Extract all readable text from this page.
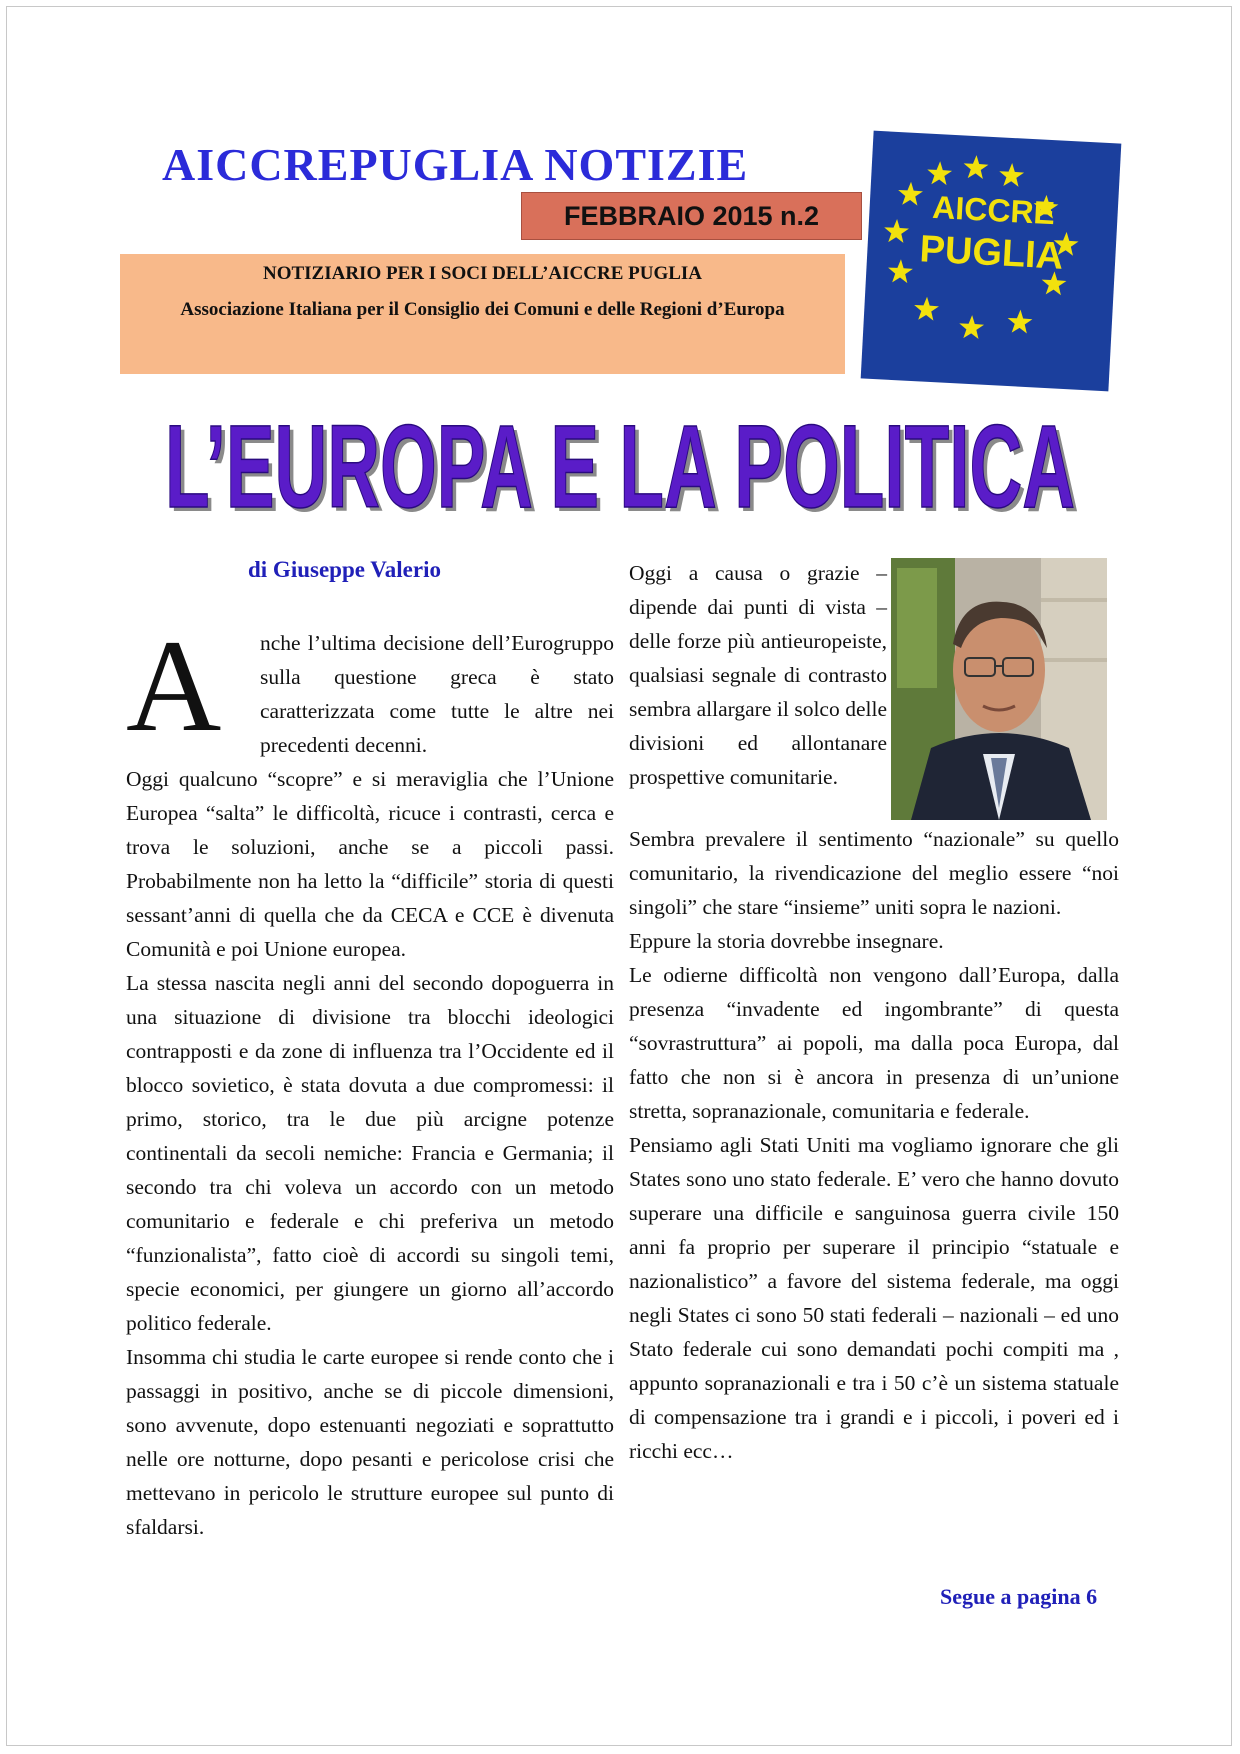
AICCREPUGLIA NOTIZIE
FEBBRAIO 2015 n.2
NOTIZIARIO PER I SOCI DELL’AICCRE PUGLIA
Associazione Italiana per il Consiglio dei Comuni e delle Regioni d’Europa
AICCRE
PUGLIA
L’EUROPA E LA POLITICA
L’EUROPA E LA POLITICA
di Giuseppe Valerio
A	nche l’ultima decisione dell’Eurogruppo sulla questione greca è stato caratterizzata come tutte le altre nei precedenti decenni.

Oggi qualcuno “scopre” e si meraviglia che l’Unione Europea “salta” le difficoltà, ricuce i contrasti, cerca e trova le soluzioni, anche se a piccoli passi. Probabilmente non ha letto la “difficile” storia di questi sessant’anni di quella che da CECA e CCE è divenuta Comunità e poi Unione europea.

La stessa nascita negli anni del secondo dopoguerra in una situazione di divisione tra blocchi ideologici contrapposti e da zone di influenza tra l’Occidente ed il blocco sovietico, è stata dovuta a due compromessi: il primo, storico, tra le due più arcigne potenze continentali da secoli nemiche: Francia e Germania; il secondo tra chi voleva un accordo con un metodo comunitario e federale e chi preferiva un metodo “funzionalista”, fatto cioè di accordi su singoli temi, specie economici, per giungere un giorno all’accordo politico federale.

Insomma chi studia le carte europee si rende conto che i passaggi in positivo, anche se di piccole dimensioni, sono avvenute, dopo estenuanti negoziati e soprattutto nelle ore notturne, dopo pesanti e pericolose crisi che mettevano in pericolo le strutture europee sul punto di sfaldarsi.

Oggi a causa o grazie – dipende dai punti di vista – delle forze più antieuropeiste, qualsiasi segnale di contrasto sembra allargare il solco delle divisioni ed allontanare prospettive comunitarie.

Sembra prevalere il sentimento “nazionale” su quello comunitario, la rivendicazione del meglio essere “noi singoli” che stare “insieme” uniti sopra le nazioni.

Eppure la storia dovrebbe insegnare.

Le odierne difficoltà non vengono dall’Europa, dalla presenza “invadente ed ingombrante” di questa “sovrastruttura” ai popoli, ma dalla poca Europa, dal fatto che non si è ancora in presenza di un’unione stretta, sopranazionale, comunitaria e federale.

Pensiamo agli Stati Uniti ma vogliamo ignorare che gli States sono uno stato federale. E’ vero che hanno dovuto superare una difficile e sanguinosa guerra civile 150 anni fa proprio per superare il principio “statuale e nazionalistico” a favore del sistema federale, ma oggi negli States ci sono 50 stati federali – nazionali – ed uno Stato federale cui sono demandati pochi compiti ma , appunto sopranazionali e tra i 50 c’è un sistema statuale di compensazione tra i grandi e i piccoli, i poveri ed i ricchi ecc…

Segue a pagina 6
